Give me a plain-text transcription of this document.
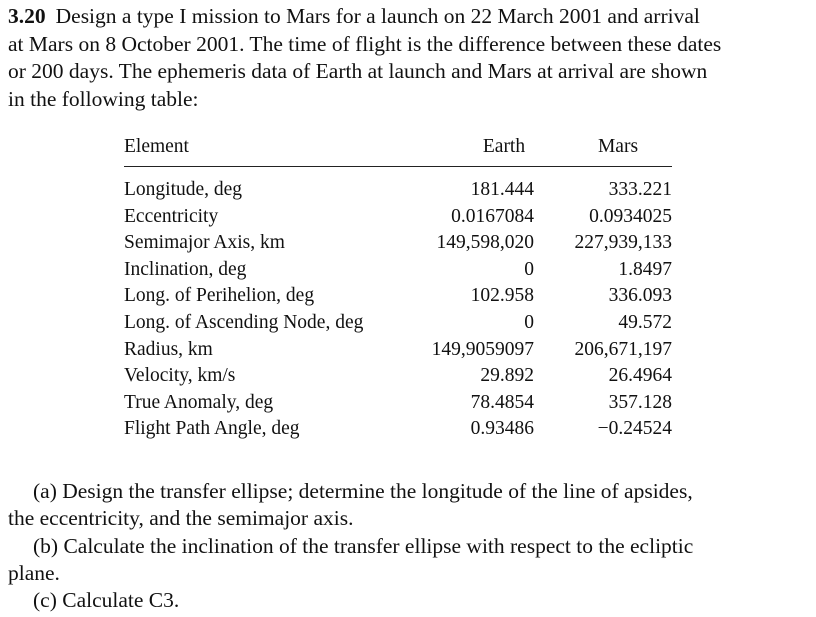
3.20 Design a type I mission to Mars for a launch on 22 March 2001 and arrival
at Mars on 8 October 2001. The time of flight is the difference between these dates
or 200 days. The ephemeris data of Earth at launch and Mars at arrival are shown
in the following table:
Element	Earth	Mars
Longitude, deg	181.444	333.221
Eccentricity	0.0167084	0.0934025
Semimajor Axis, km	149,598,020	227,939,133
Inclination, deg	0	1.8497
Long. of Perihelion, deg	102.958	336.093
Long. of Ascending Node, deg	0	49.572
Radius, km	149,9059097	206,671,197
Velocity, km/s	29.892	26.4964
True Anomaly, deg	78.4854	357.128
Flight Path Angle, deg	0.93486	−0.24524
(a) Design the transfer ellipse; determine the longitude of the line of apsides,
the eccentricity, and the semimajor axis.
(b) Calculate the inclination of the transfer ellipse with respect to the ecliptic
plane.
(c) Calculate C3.
